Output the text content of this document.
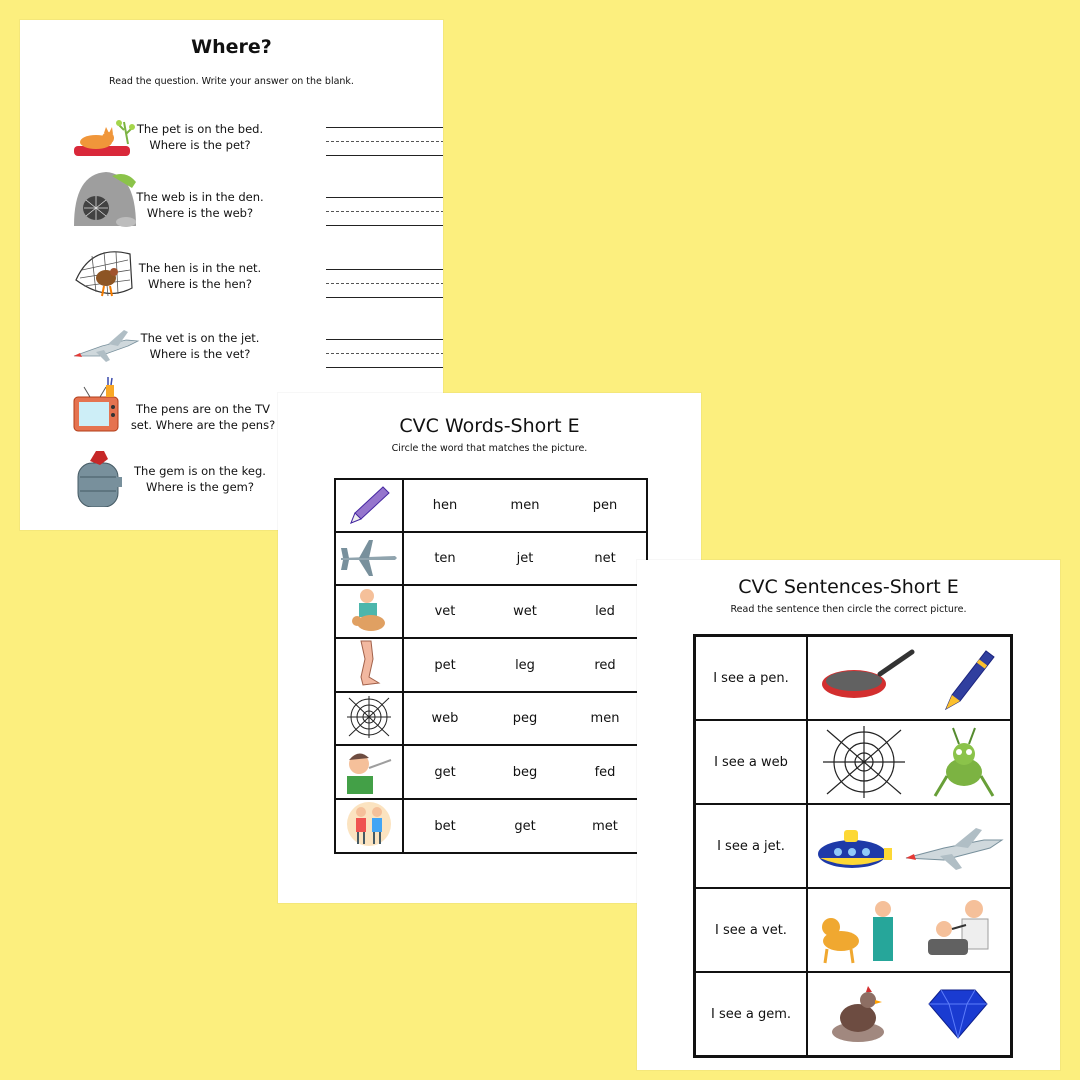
Where?
Read the question. Write your answer on the blank.
The pet is on the bed.
Where is the pet?
The web is in the den.
Where is the web?
The hen is in the net.
Where is the hen?
The vet is on the jet.
Where is the vet?
The pens are on the TV
set. Where are the pens?
The gem is on the keg.
Where is the gem?
CVC Words-Short E
Circle the word that matches the picture.
	hen men pen
	ten jet net
	vet wet led
	pet leg red
	web peg men
	get beg fed
	bet get met
CVC Sentences-Short E
Read the sentence then circle the correct picture.
I see a pen.	

I see a web	

I see a jet.	

I see a vet.	

I see a gem.	
